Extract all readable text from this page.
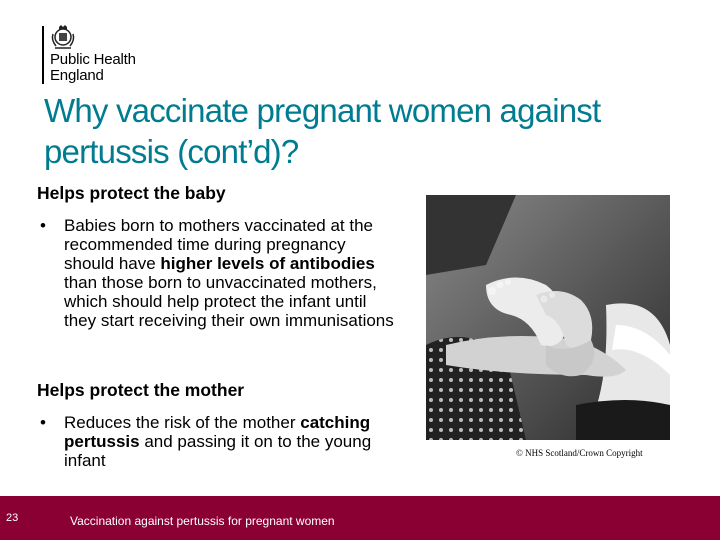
Public Health
England
Why vaccinate pregnant women against pertussis (cont’d)?
Helps protect the baby
• Babies born to mothers vaccinated at the recommended time during pregnancy should have higher levels of antibodies than those born to unvaccinated mothers, which should help protect the infant until they start receiving their own immunisations
Helps protect the mother
• Reduces the risk of the mother catching pertussis and passing it on to the young infant	© NHS Scotland/Crown Copyright
23	Vaccination against pertussis for pregnant women
